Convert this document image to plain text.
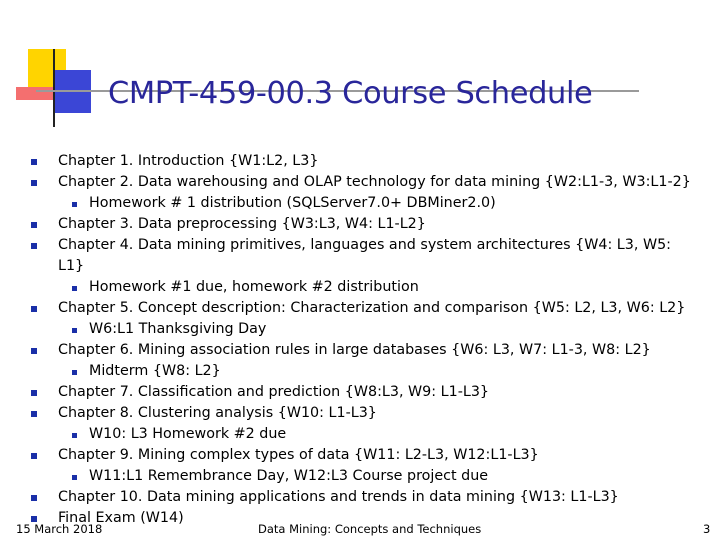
CMPT-459-00.3 Course Schedule
Chapter 1. Introduction {W1:L2, L3}
Chapter 2. Data warehousing and OLAP technology for data mining {W2:L1-3, W3:L1-2}
Homework # 1 distribution (SQLServer7.0+ DBMiner2.0)
Chapter 3. Data preprocessing {W3:L3, W4: L1-L2}
Chapter 4. Data mining primitives, languages and system architectures {W4: L3, W5:
L1}
Homework #1 due, homework #2 distribution
Chapter 5. Concept description: Characterization and comparison {W5: L2, L3, W6: L2}
W6:L1 Thanksgiving Day
Chapter 6. Mining association rules in large databases {W6: L3, W7: L1-3, W8: L2}
Midterm {W8: L2}
Chapter 7. Classification and prediction {W8:L3, W9: L1-L3}
Chapter 8. Clustering analysis {W10: L1-L3}
W10: L3 Homework #2 due
Chapter 9. Mining complex types of data {W11: L2-L3, W12:L1-L3}
W11:L1 Remembrance Day, W12:L3 Course project due
Chapter 10. Data mining applications and trends in data mining {W13: L1-L3}
Final Exam (W14)
15 March 2018	Data Mining: Concepts and Techniques	3
